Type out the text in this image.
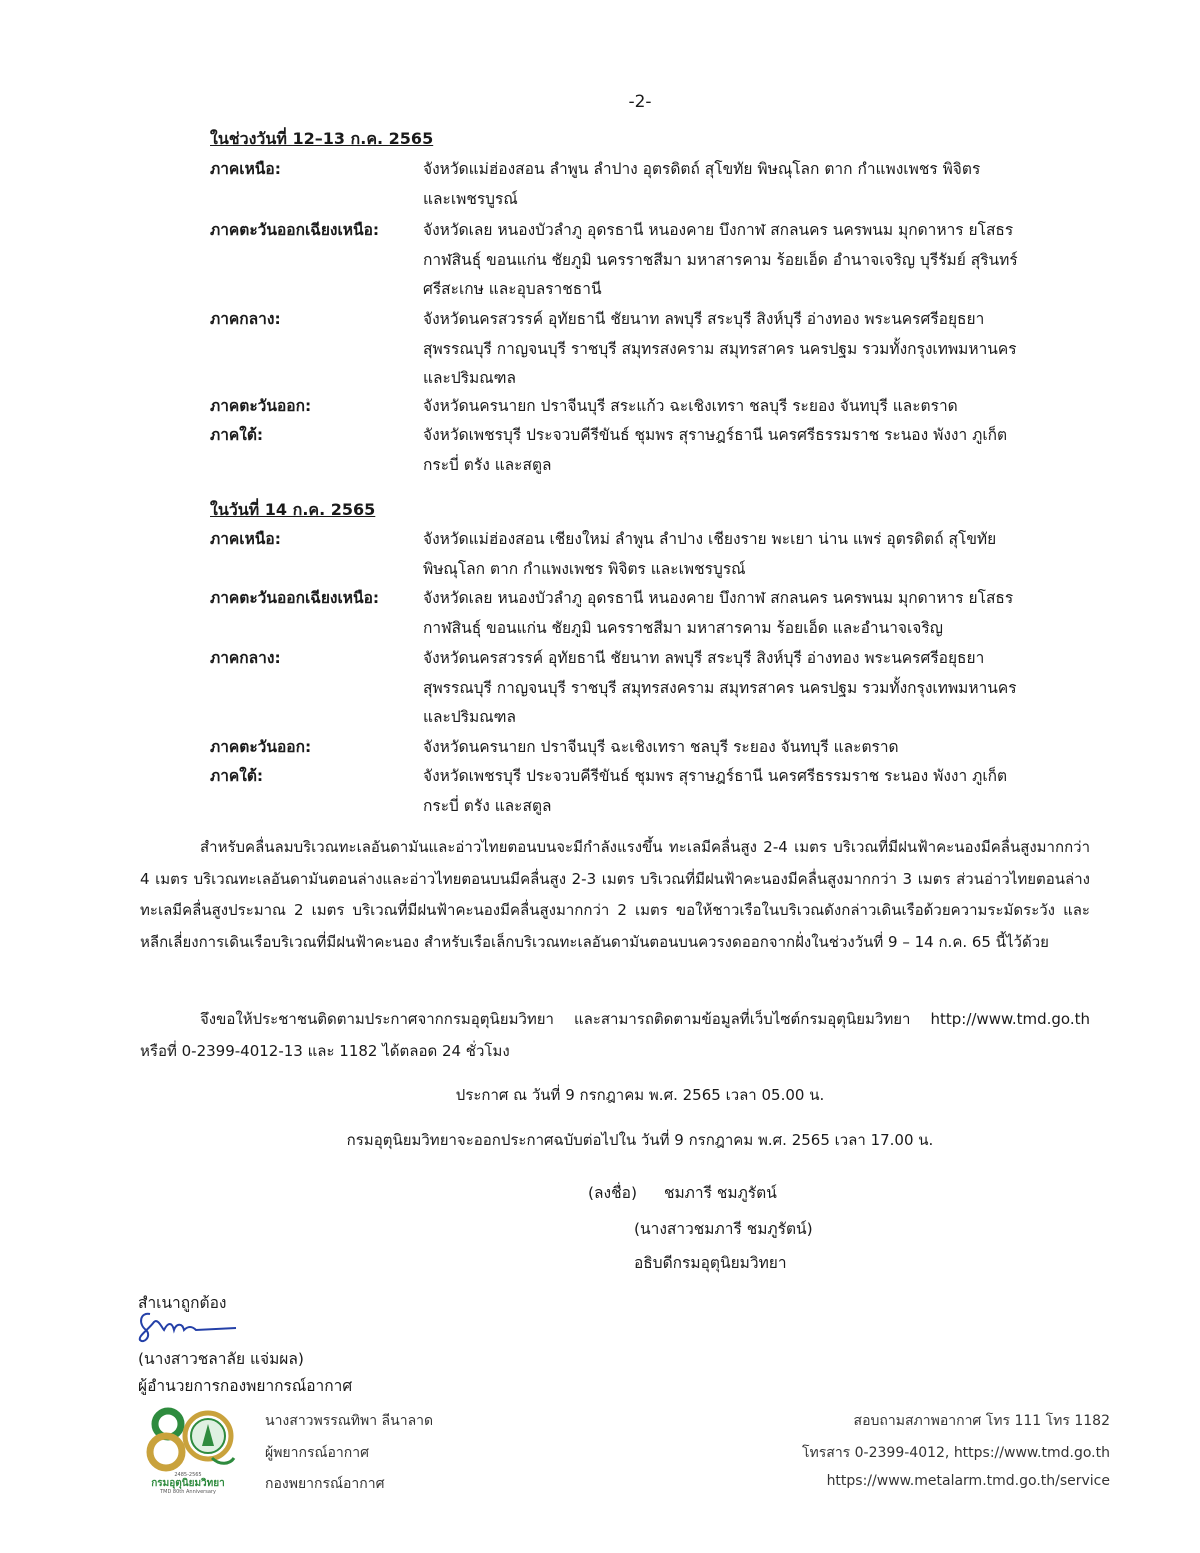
-2-
ในช่วงวันที่ 12–13 ก.ค. 2565
ภาคเหนือ:	จังหวัดแม่ฮ่องสอน ลำพูน ลำปาง อุตรดิตถ์ สุโขทัย พิษณุโลก ตาก กำแพงเพชร พิจิตร
และเพชรบูรณ์
ภาคตะวันออกเฉียงเหนือ:	จังหวัดเลย หนองบัวลำภู อุดรธานี หนองคาย บึงกาฬ สกลนคร นครพนม มุกดาหาร ยโสธร
กาฬสินธุ์ ขอนแก่น ชัยภูมิ นครราชสีมา มหาสารคาม ร้อยเอ็ด อำนาจเจริญ บุรีรัมย์ สุรินทร์
ศรีสะเกษ และอุบลราชธานี
ภาคกลาง:	จังหวัดนครสวรรค์ อุทัยธานี ชัยนาท ลพบุรี สระบุรี สิงห์บุรี อ่างทอง พระนครศรีอยุธยา
สุพรรณบุรี กาญจนบุรี ราชบุรี สมุทรสงคราม สมุทรสาคร นครปฐม รวมทั้งกรุงเทพมหานคร
และปริมณฑล
ภาคตะวันออก:	จังหวัดนครนายก ปราจีนบุรี สระแก้ว ฉะเชิงเทรา ชลบุรี ระยอง จันทบุรี และตราด
ภาคใต้:	จังหวัดเพชรบุรี ประจวบคีรีขันธ์ ชุมพร สุราษฎร์ธานี นครศรีธรรมราช ระนอง พังงา ภูเก็ต
กระบี่ ตรัง และสตูล
ในวันที่ 14 ก.ค. 2565
ภาคเหนือ:	จังหวัดแม่ฮ่องสอน เชียงใหม่ ลำพูน ลำปาง เชียงราย พะเยา น่าน แพร่ อุตรดิตถ์ สุโขทัย
พิษณุโลก ตาก กำแพงเพชร พิจิตร และเพชรบูรณ์
ภาคตะวันออกเฉียงเหนือ:	จังหวัดเลย หนองบัวลำภู อุดรธานี หนองคาย บึงกาฬ สกลนคร นครพนม มุกดาหาร ยโสธร
กาฬสินธุ์ ขอนแก่น ชัยภูมิ นครราชสีมา มหาสารคาม ร้อยเอ็ด และอำนาจเจริญ
ภาคกลาง:	จังหวัดนครสวรรค์ อุทัยธานี ชัยนาท ลพบุรี สระบุรี สิงห์บุรี อ่างทอง พระนครศรีอยุธยา
สุพรรณบุรี กาญจนบุรี ราชบุรี สมุทรสงคราม สมุทรสาคร นครปฐม รวมทั้งกรุงเทพมหานคร
และปริมณฑล
ภาคตะวันออก:	จังหวัดนครนายก ปราจีนบุรี ฉะเชิงเทรา ชลบุรี ระยอง จันทบุรี และตราด
ภาคใต้:	จังหวัดเพชรบุรี ประจวบคีรีขันธ์ ชุมพร สุราษฎร์ธานี นครศรีธรรมราช ระนอง พังงา ภูเก็ต
กระบี่ ตรัง และสตูล
สำหรับคลื่นลมบริเวณทะเลอันดามันและอ่าวไทยตอนบนจะมีกำลังแรงขึ้น ทะเลมีคลื่นสูง 2-4 เมตร บริเวณที่มีฝนฟ้าคะนองมีคลื่นสูงมากกว่า 4 เมตร บริเวณทะเลอันดามันตอนล่างและอ่าวไทยตอนบนมีคลื่นสูง 2-3 เมตร บริเวณที่มีฝนฟ้าคะนองมีคลื่นสูงมากกว่า 3 เมตร ส่วนอ่าวไทยตอนล่างทะเลมีคลื่นสูงประมาณ 2 เมตร บริเวณที่มีฝนฟ้าคะนองมีคลื่นสูงมากกว่า 2 เมตร ขอให้ชาวเรือในบริเวณดังกล่าวเดินเรือด้วยความระมัดระวัง และหลีกเลี่ยงการเดินเรือบริเวณที่มีฝนฟ้าคะนอง สำหรับเรือเล็กบริเวณทะเลอันดามันตอนบนควรงดออกจากฝั่งในช่วงวันที่ 9 – 14 ก.ค. 65 นี้ไว้ด้วย
จึงขอให้ประชาชนติดตามประกาศจากกรมอุตุนิยมวิทยา และสามารถติดตามข้อมูลที่เว็บไซต์กรมอุตุนิยมวิทยา http://www.tmd.go.th หรือที่ 0-2399-4012-13 และ 1182 ได้ตลอด 24 ชั่วโมง
ประกาศ ณ วันที่ 9 กรกฎาคม พ.ศ. 2565 เวลา 05.00 น.
กรมอุตุนิยมวิทยาจะออกประกาศฉบับต่อไปใน วันที่ 9 กรกฎาคม พ.ศ. 2565 เวลา 17.00 น.
(ลงชื่อ) ชมภารี ชมภูรัตน์
(นางสาวชมภารี ชมภูรัตน์)
อธิบดีกรมอุตุนิยมวิทยา
สำเนาถูกต้อง
(นางสาวชลาลัย แจ่มผล)
ผู้อำนวยการกองพยากรณ์อากาศ
2485-2565
กรมอุตุนิยมวิทยา
TMD 80th Anniversary
นางสาวพรรณทิพา ลีนาลาด
ผู้พยากรณ์อากาศ
กองพยากรณ์อากาศ
สอบถามสภาพอากาศ โทร 111 โทร 1182
โทรสาร 0-2399-4012, https://www.tmd.go.th
https://www.metalarm.tmd.go.th/service
